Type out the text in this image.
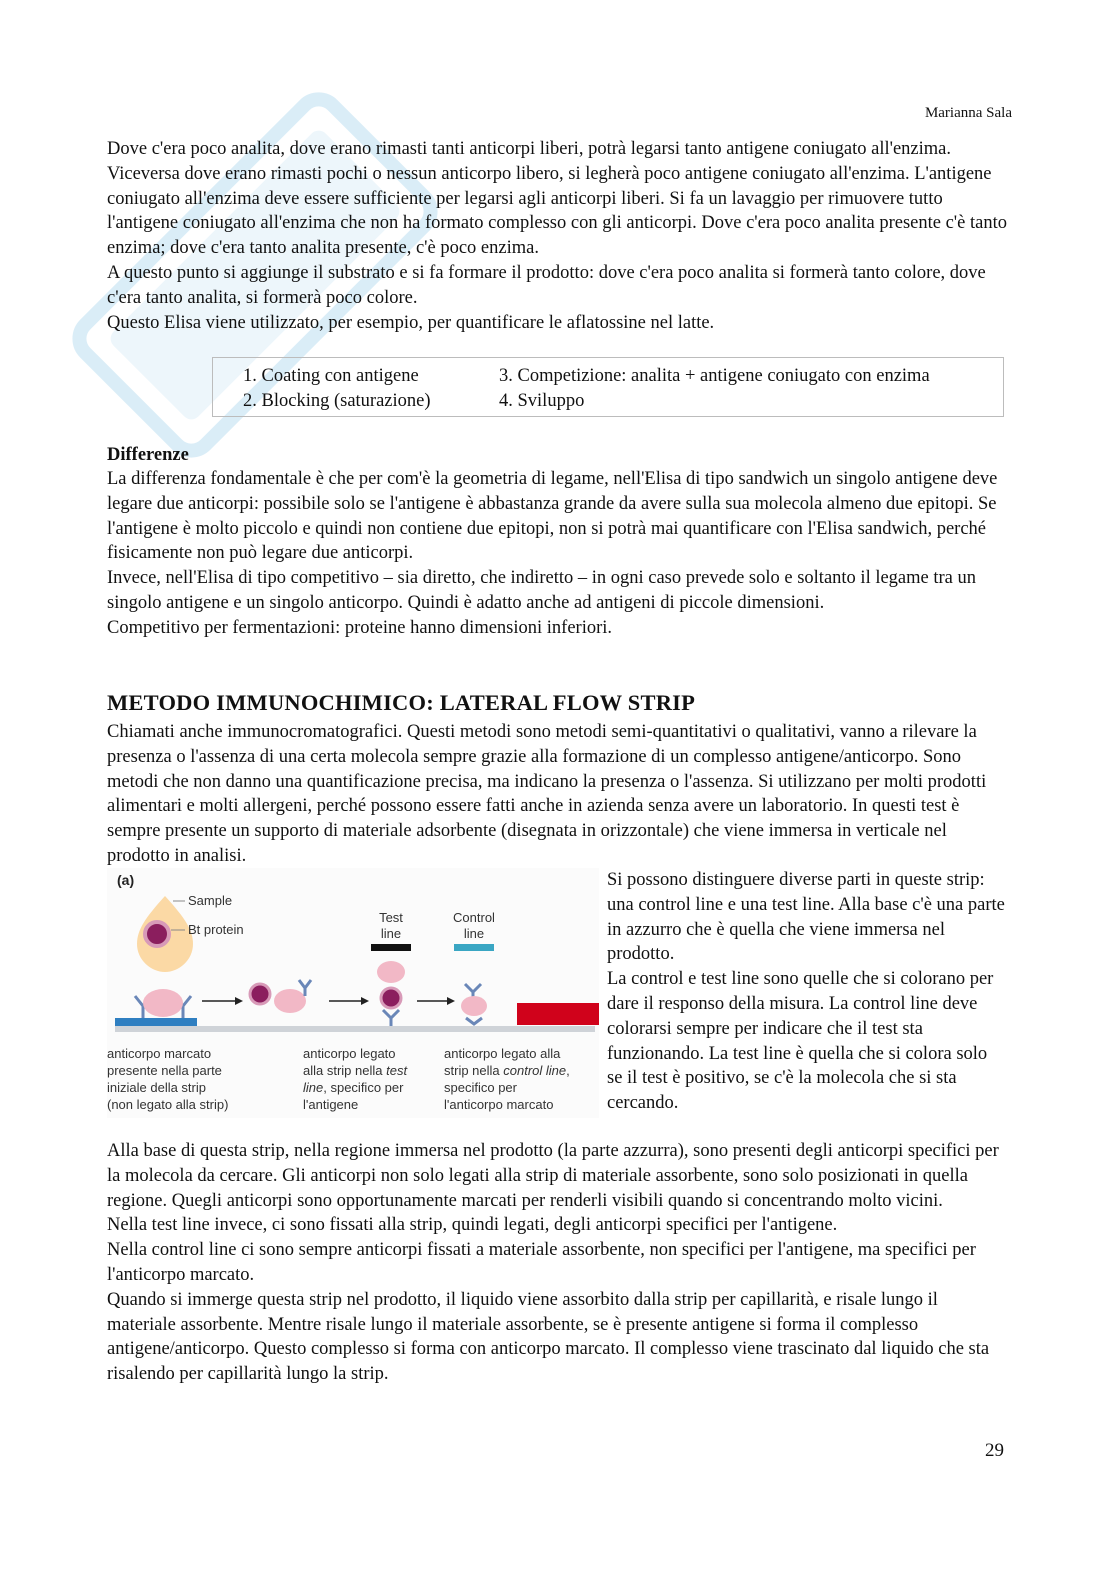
Marianna Sala
Dove c'era poco analita, dove erano rimasti tanti anticorpi liberi, potrà legarsi tanto antigene coniugato all'enzima. Viceversa dove erano rimasti pochi o nessun anticorpo libero, si legherà poco antigene coniugato all'enzima. L'antigene coniugato all'enzima deve essere sufficiente per legarsi agli anticorpi liberi. Si fa un lavaggio per rimuovere tutto l'antigene coniugato all'enzima che non ha formato complesso con gli anticorpi. Dove c'era poco analita presente c'è tanto enzima; dove c'era tanto analita presente, c'è poco enzima.
A questo punto si aggiunge il substrato e si fa formare il prodotto: dove c'era poco analita si formerà tanto colore, dove c'era tanto analita, si formerà poco colore.
Questo Elisa viene utilizzato, per esempio, per quantificare le aflatossine nel latte.
1. Coating con antigene
2. Blocking (saturazione)
3. Competizione: analita + antigene coniugato con enzima
4. Sviluppo
Differenze
La differenza fondamentale è che per com'è la geometria di legame, nell'Elisa di tipo sandwich un singolo antigene deve legare due anticorpi: possibile solo se l'antigene è abbastanza grande da avere sulla sua molecola almeno due epitopi. Se l'antigene è molto piccolo e quindi non contiene due epitopi, non si potrà mai quantificare con l'Elisa sandwich, perché fisicamente non può legare due anticorpi.
Invece, nell'Elisa di tipo competitivo – sia diretto, che indiretto – in ogni caso prevede solo e soltanto il legame tra un singolo antigene e un singolo anticorpo. Quindi è adatto anche ad antigeni di piccole dimensioni.
Competitivo per fermentazioni: proteine hanno dimensioni inferiori.
METODO IMMUNOCHIMICO: LATERAL FLOW STRIP
Chiamati anche immunocromatografici. Questi metodi sono metodi semi-quantitativi o qualitativi, vanno a rilevare la presenza o l'assenza di una certa molecola sempre grazie alla formazione di un complesso antigene/anticorpo. Sono metodi che non danno una quantificazione precisa, ma indicano la presenza o l'assenza. Si utilizzano per molti prodotti alimentari e molti allergeni, perché possono essere fatti anche in azienda senza avere un laboratorio. In questi test è sempre presente un supporto di materiale adsorbente (disegnata in orizzontale) che viene immersa in verticale nel prodotto in analisi.
(a)
Sample
Bt protein
Test
line
Control
line
anticorpo marcato
presente nella parte
iniziale della strip
(non legato alla strip)
anticorpo legato
alla strip nella test
line, specifico per
l'antigene
anticorpo legato alla
strip nella control line,
specifico per
l'anticorpo marcato
Si possono distinguere diverse parti in queste strip: una control line e una test line. Alla base c'è una parte in azzurro che è quella che viene immersa nel prodotto.
La control e test line sono quelle che si colorano per dare il responso della misura. La control line deve colorarsi sempre per indicare che il test sta funzionando. La test line è quella che si colora solo se il test è positivo, se c'è la molecola che si sta cercando.
Alla base di questa strip, nella regione immersa nel prodotto (la parte azzurra), sono presenti degli anticorpi specifici per la molecola da cercare. Gli anticorpi non solo legati alla strip di materiale assorbente, sono solo posizionati in quella regione. Quegli anticorpi sono opportunamente marcati per renderli visibili quando si concentrando molto vicini.
Nella test line invece, ci sono fissati alla strip, quindi legati, degli anticorpi specifici per l'antigene.
Nella control line ci sono sempre anticorpi fissati a materiale assorbente, non specifici per l'antigene, ma specifici per l'anticorpo marcato.
Quando si immerge questa strip nel prodotto, il liquido viene assorbito dalla strip per capillarità, e risale lungo il materiale assorbente. Mentre risale lungo il materiale assorbente, se è presente antigene si forma il complesso antigene/anticorpo. Questo complesso si forma con anticorpo marcato. Il complesso viene trascinato dal liquido che sta risalendo per capillarità lungo la strip.
29
